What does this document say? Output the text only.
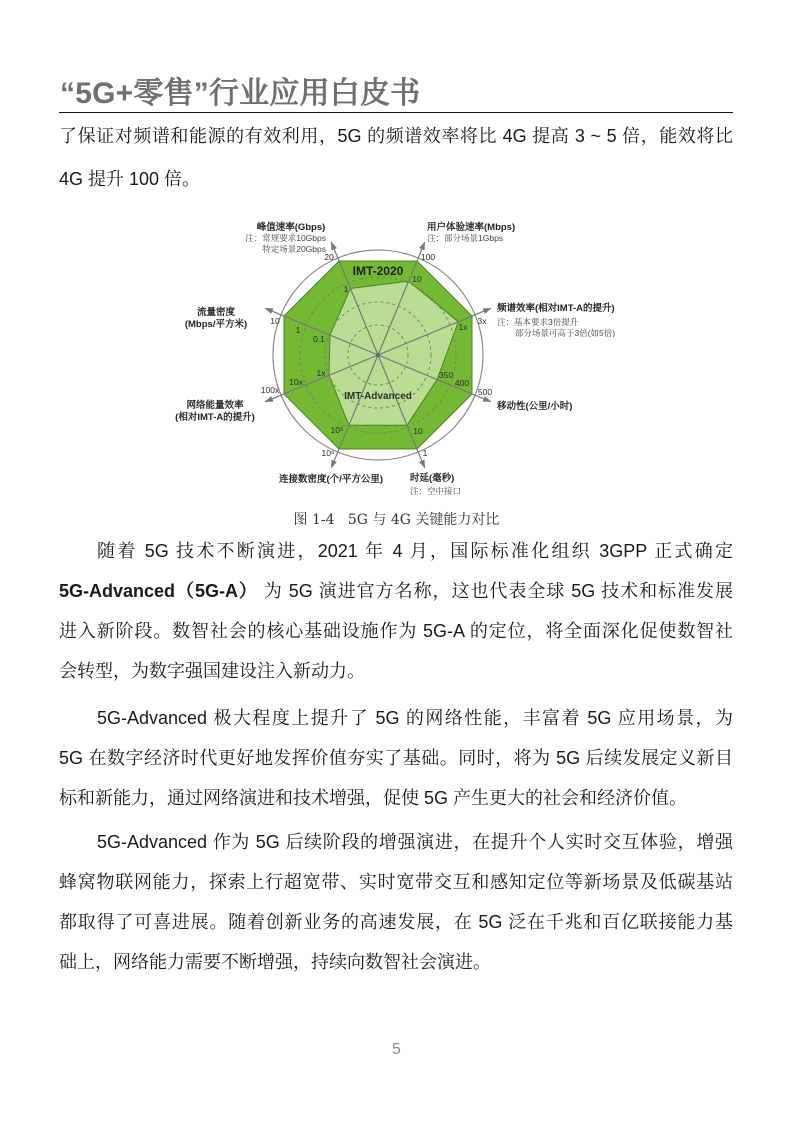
“5G+零售”行业应用白皮书
了保证对频谱和能源的有效利用，5G 的频谱效率将比 4G 提高 3 ~ 5 倍，能效将比
4G 提升 100 倍。
IMT-2020
IMT-Advanced
峰值速率(Gbps)
注：常规要求10Gbps
特定场景20Gbps
20
1
用户体验速率(Mbps)
注：部分场景1Gbps
100
10
频谱效率(相对IMT-A的提升)
注：基本要求3倍提升
部分场景可高于3倍(如5倍)
3x
1x
移动性(公里/小时)
500
400
350
时延(毫秒)
注：空中接口
10
1
连接数密度(个/平方公里)
10⁵
10⁶
网络能量效率
(相对IMT-A的提升)
100x
10x
1x
流量密度
(Mbps/平方米)	10
1
0.1
图 1-4   5G 与 4G 关键能力对比
随着 5G 技术不断演进，2021 年 4 月，国际标准化组织 3GPP 正式确定
5G-Advanced（5G-A） 为 5G 演进官方名称，这也代表全球 5G 技术和标准发展
进入新阶段。数智社会的核心基础设施作为 5G-A 的定位，将全面深化促使数智社
会转型，为数字强国建设注入新动力。
5G-Advanced 极大程度上提升了 5G 的网络性能，丰富着 5G 应用场景，为
5G 在数字经济时代更好地发挥价值夯实了基础。同时，将为 5G 后续发展定义新目
标和新能力，通过网络演进和技术增强，促使 5G 产生更大的社会和经济价值。
5G-Advanced 作为 5G 后续阶段的增强演进，在提升个人实时交互体验，增强
蜂窝物联网能力，探索上行超宽带、实时宽带交互和感知定位等新场景及低碳基站
都取得了可喜进展。随着创新业务的高速发展，在 5G 泛在千兆和百亿联接能力基
础上，网络能力需要不断增强，持续向数智社会演进。
5
